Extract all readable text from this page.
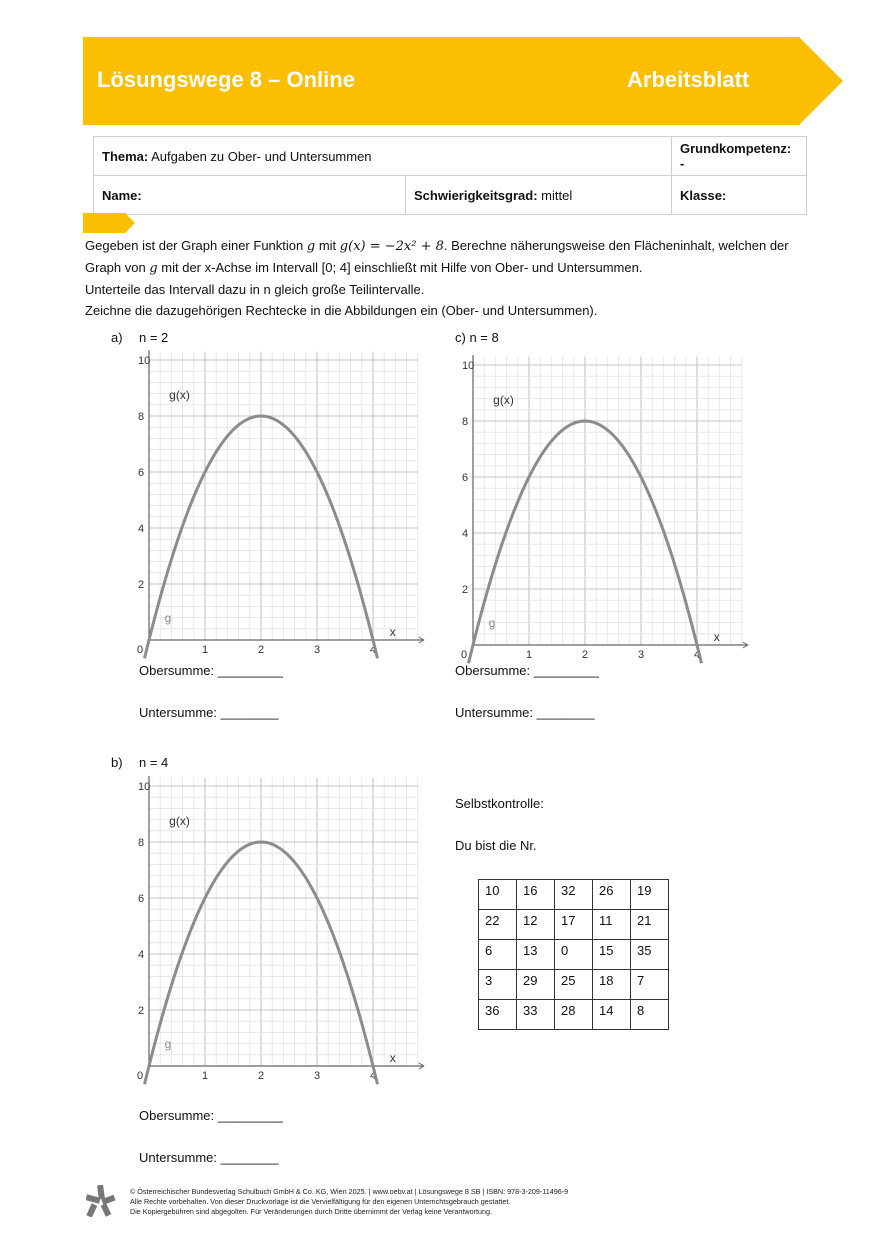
Lösungswege 8 – Online	Arbeitsblatt
Thema: Aufgaben zu Ober- und Untersummen		Grundkompetenz: -
Name:	Schwierigkeitsgrad: mittel	Klasse:

Gegeben ist der Graph einer Funktion g mit g(x) = −2x² + 8. Berechne näherungsweise den Flächeninhalt, welchen der

Graph von g mit der x-Achse im Intervall [0; 4] einschließt mit Hilfe von Ober- und Untersummen.

Unterteile das Intervall dazu in n gleich große Teilintervalle.

Zeichne die dazugehörigen Rechtecke in die Abbildungen ein (Ober- und Untersummen).

a) n = 2	c) n = 8
b) n = 4
0	1	2	3	4
2
4
6
8
10
g(x)
g
x
0	1	2	3	4
2
4
6
8
10
g(x)
g
x
0	1	2	3	4
2
4
6
8
10
g(x)
g
x
Obersumme: _________
Untersumme: ________
Obersumme: _________
Untersumme: ________
Obersumme: _________
Untersumme: ________
Selbstkontrolle:
Du bist die Nr.
10	16	32	26	19
22	12	17	11	21
6	13	0	15	35
3	29	25	18	7
36	33	28	14	8
© Österreichischer Bundesverlag Schulbuch GmbH & Co. KG, Wien 2025. | www.oebv.at | Lösungswege 8 SB | ISBN: 978-3-209-11496-9
Alle Rechte vorbehalten. Von dieser Druckvorlage ist die Vervielfältigung für den eigenen Unterrichtsgebrauch gestattet.
Die Kopiergebühren sind abgegolten. Für Veränderungen durch Dritte übernimmt der Verlag keine Verantwortung.
